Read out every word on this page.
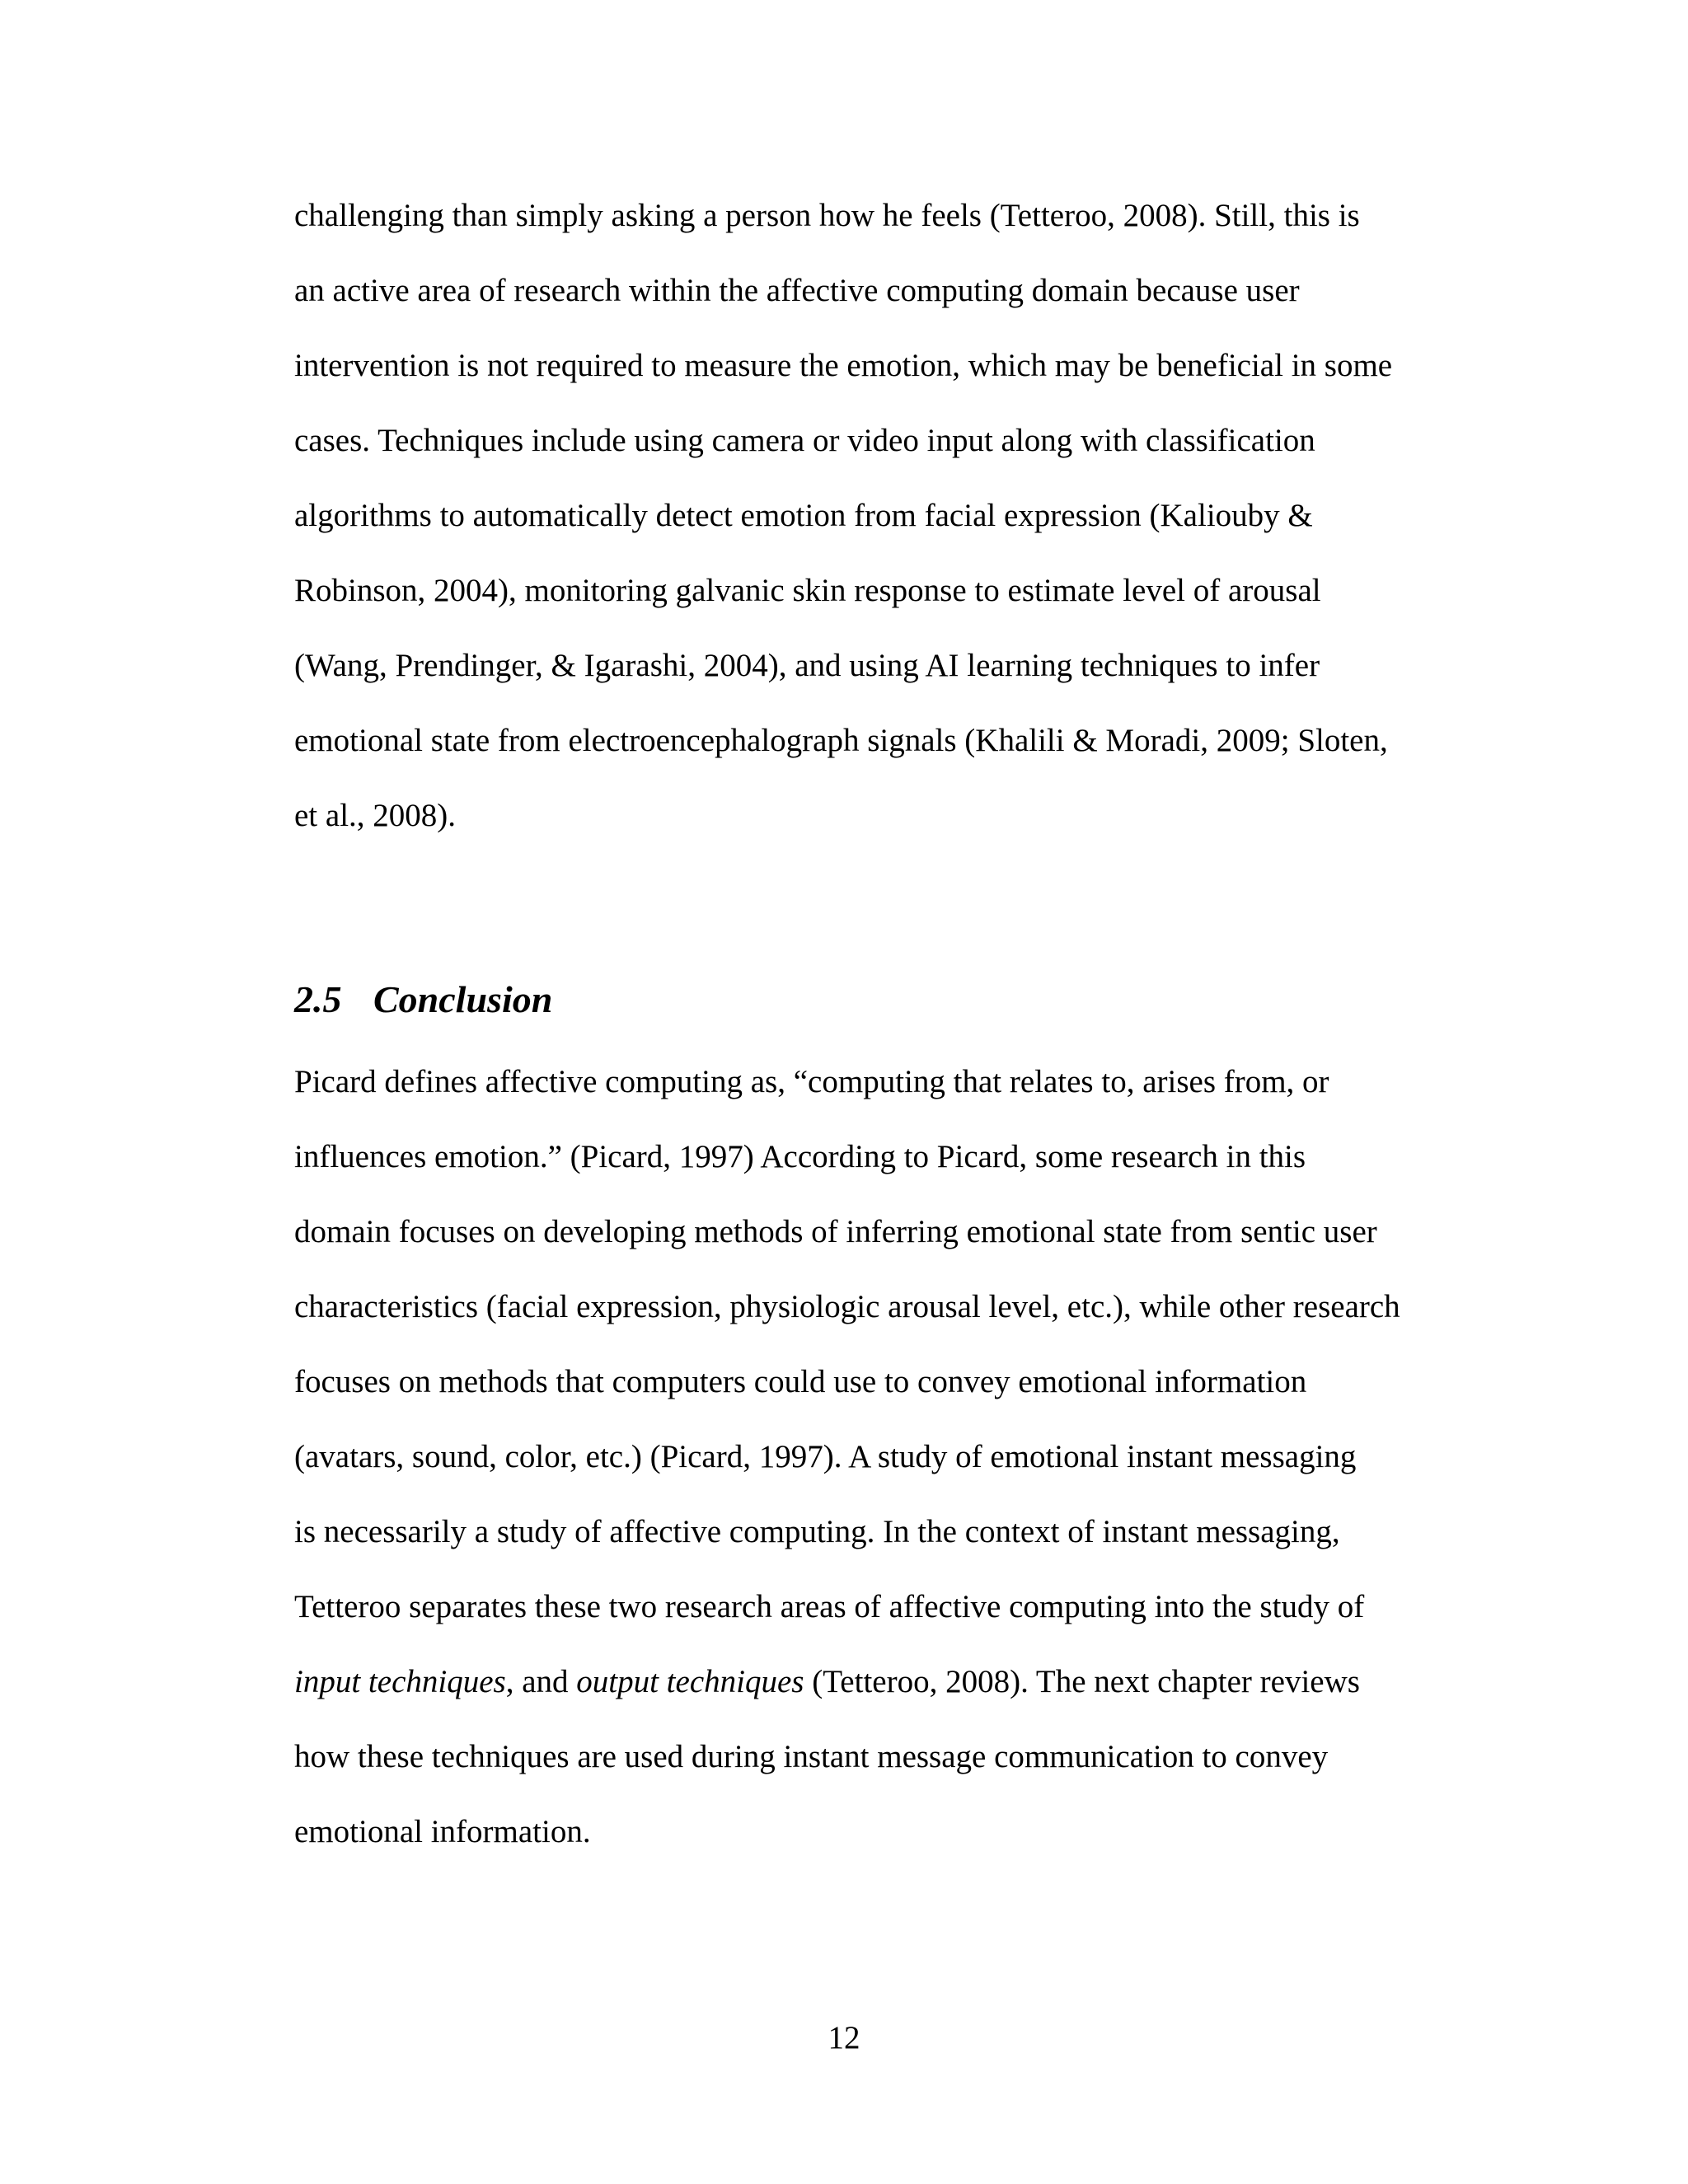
challenging than simply asking a person how he feels (Tetteroo, 2008). Still, this is
an active area of research within the affective computing domain because user
intervention is not required to measure the emotion, which may be beneficial in some
cases. Techniques include using camera or video input along with classification
algorithms to automatically detect emotion from facial expression (Kaliouby &
Robinson, 2004), monitoring galvanic skin response to estimate level of arousal
(Wang, Prendinger, & Igarashi, 2004), and using AI learning techniques to infer
emotional state from electroencephalograph signals (Khalili & Moradi, 2009; Sloten,
et al., 2008).
2.5 Conclusion
Picard defines affective computing as, “computing that relates to, arises from, or
influences emotion.” (Picard, 1997) According to Picard, some research in this
domain focuses on developing methods of inferring emotional state from sentic user
characteristics (facial expression, physiologic arousal level, etc.), while other research
focuses on methods that computers could use to convey emotional information
(avatars, sound, color, etc.) (Picard, 1997). A study of emotional instant messaging
is necessarily a study of affective computing. In the context of instant messaging,
Tetteroo separates these two research areas of affective computing into the study of
input techniques, and output techniques (Tetteroo, 2008). The next chapter reviews
how these techniques are used during instant message communication to convey
emotional information.
12
